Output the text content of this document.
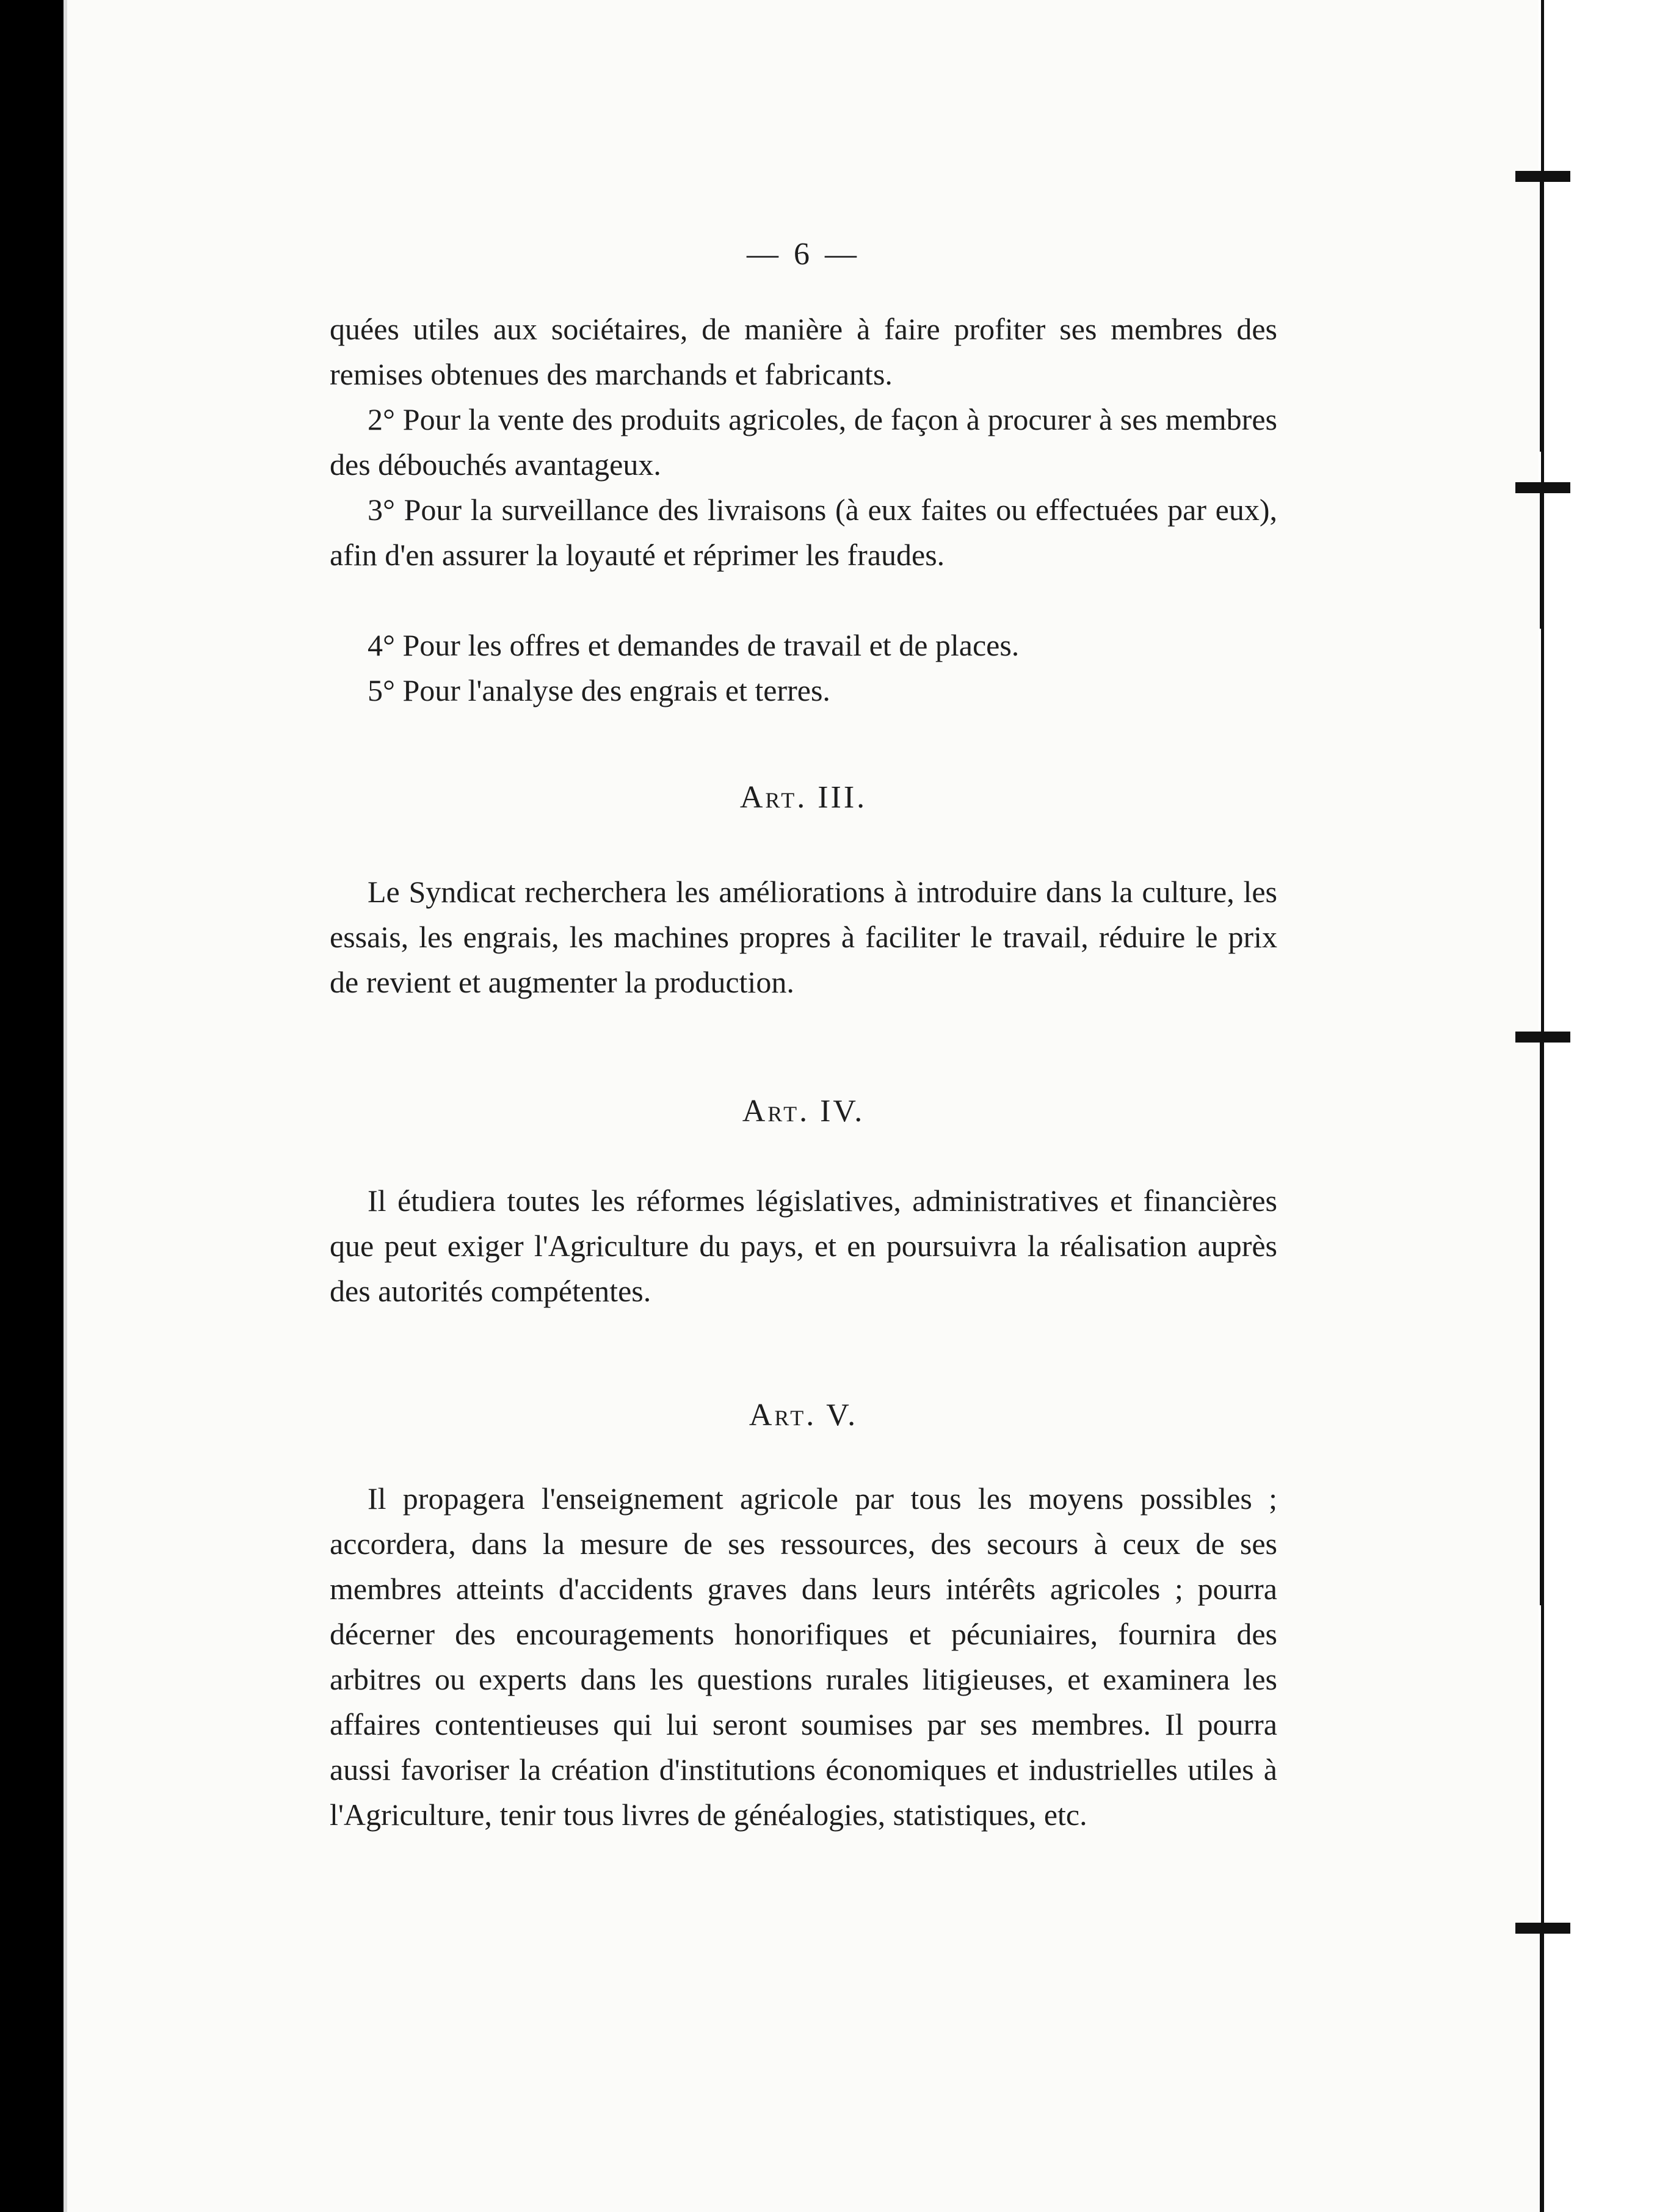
— 6 —

quées utiles aux sociétaires, de manière à faire profiter ses membres des remises obtenues des marchands et fabricants.

2° Pour la vente des produits agricoles, de façon à procurer à ses membres des débouchés avantageux.

3° Pour la surveillance des livraisons (à eux faites ou effectuées par eux), afin d'en assurer la loyauté et réprimer les fraudes.

4° Pour les offres et demandes de travail et de places.

5° Pour l'analyse des engrais et terres.

Art. III.

Le Syndicat recherchera les améliorations à introduire dans la culture, les essais, les engrais, les machines propres à faciliter le travail, réduire le prix de revient et augmenter la production.

Art. IV.

Il étudiera toutes les réformes législatives, administratives et financières que peut exiger l'Agriculture du pays, et en poursuivra la réalisation auprès des autorités compétentes.

Art. V.

Il propagera l'enseignement agricole par tous les moyens possibles ; accordera, dans la mesure de ses ressources, des secours à ceux de ses membres atteints d'accidents graves dans leurs intérêts agricoles ; pourra décerner des encouragements honorifiques et pécuniaires, fournira des arbitres ou experts dans les questions rurales litigieuses, et examinera les affaires contentieuses qui lui seront soumises par ses membres. Il pourra aussi favoriser la création d'institutions économiques et industrielles utiles à l'Agriculture, tenir tous livres de généalogies, statistiques, etc.
